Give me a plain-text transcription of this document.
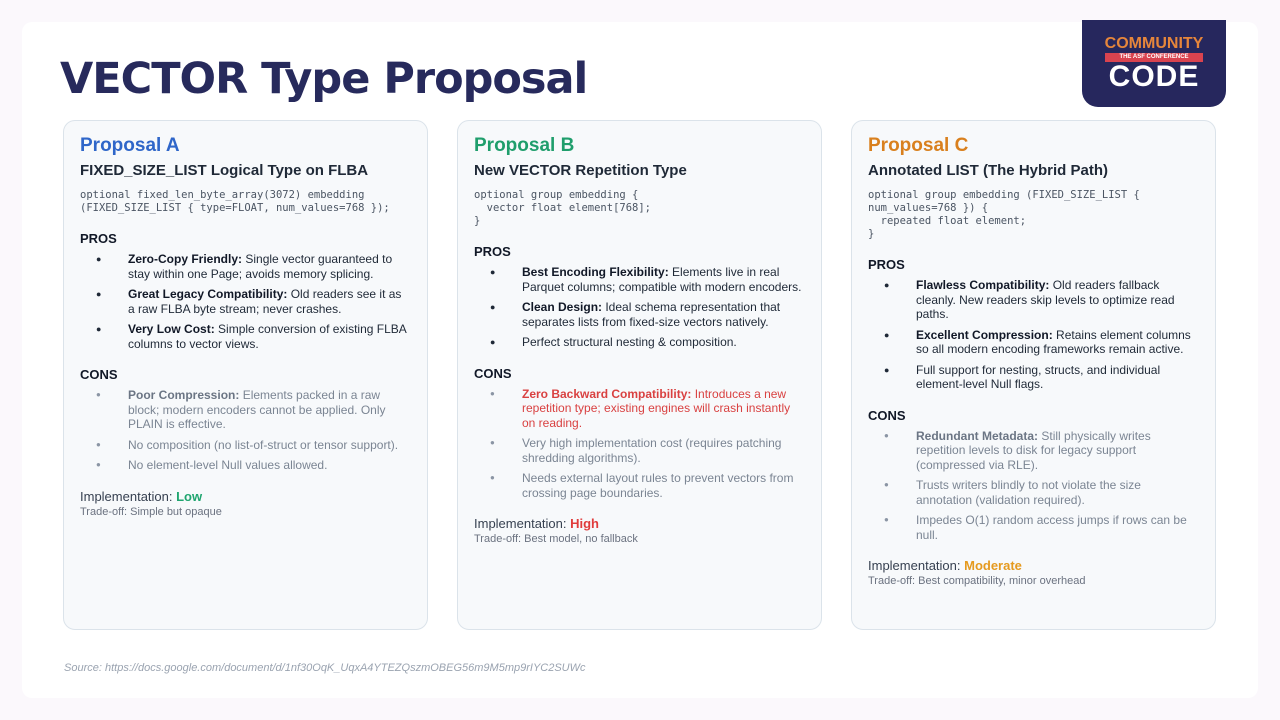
VECTOR Type Proposal
COMMUNITY
THE ASF CONFERENCE
CODE
Proposal A
FIXED_SIZE_LIST Logical Type on FLBA
optional fixed_len_byte_array(3072) embedding
(FIXED_SIZE_LIST { type=FLOAT, num_values=768 });
PROS
● Zero-Copy Friendly: Single vector guaranteed to stay within one Page; avoids memory splicing.
● Great Legacy Compatibility: Old readers see it as a raw FLBA byte stream; never crashes.
● Very Low Cost: Simple conversion of existing FLBA columns to vector views.
CONS
● Poor Compression: Elements packed in a raw block; modern encoders cannot be applied. Only PLAIN is effective.
● No composition (no list-of-struct or tensor support).
● No element-level Null values allowed.
Implementation: Low
Trade-off: Simple but opaque
Proposal B
New VECTOR Repetition Type
optional group embedding {
vector float element[768];
}
PROS
● Best Encoding Flexibility: Elements live in real Parquet columns; compatible with modern encoders.
● Clean Design: Ideal schema representation that separates lists from fixed-size vectors natively.
● Perfect structural nesting & composition.
CONS
● Zero Backward Compatibility: Introduces a new repetition type; existing engines will crash instantly on reading.
● Very high implementation cost (requires patching shredding algorithms).
● Needs external layout rules to prevent vectors from crossing page boundaries.
Implementation: High
Trade-off: Best model, no fallback
Proposal C
Annotated LIST (The Hybrid Path)
optional group embedding (FIXED_SIZE_LIST {
num_values=768 }) {
repeated float element;
}
PROS
● Flawless Compatibility: Old readers fallback cleanly. New readers skip levels to optimize read paths.
● Excellent Compression: Retains element columns so all modern encoding frameworks remain active.
● Full support for nesting, structs, and individual element-level Null flags.
CONS
● Redundant Metadata: Still physically writes repetition levels to disk for legacy support (compressed via RLE).
● Trusts writers blindly to not violate the size annotation (validation required).
● Impedes O(1) random access jumps if rows can be null.
Implementation: Moderate
Trade-off: Best compatibility, minor overhead
Source: https://docs.google.com/document/d/1nf30OqK_UqxA4YTEZQszmOBEG56m9M5mp9rIYC2SUWc
